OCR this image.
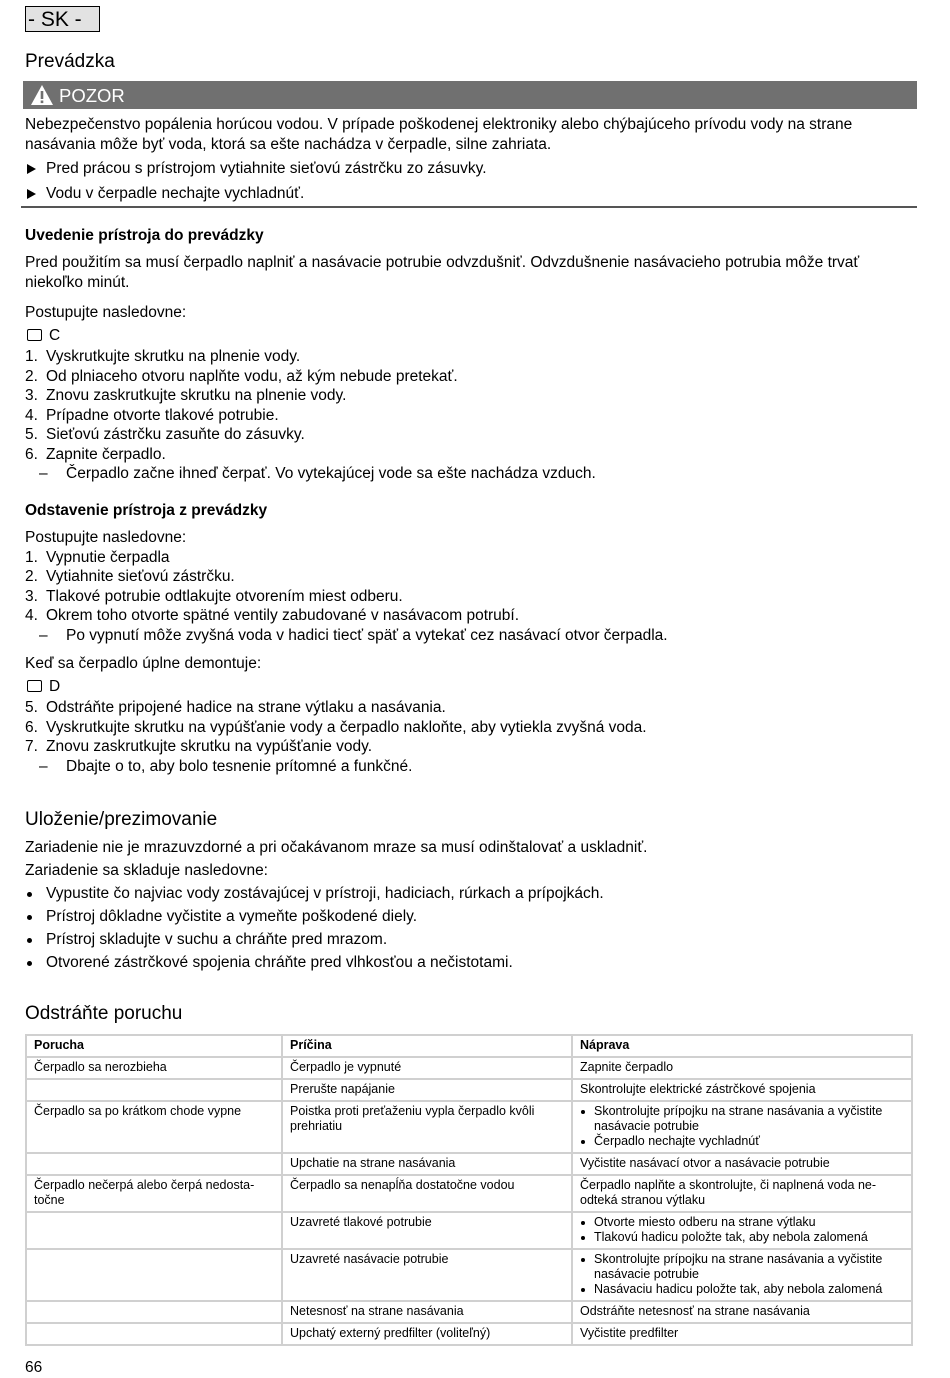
- SK -
Prevádzka
POZOR

Nebezpečenstvo popálenia horúcou vodou. V prípade poškodenej elektroniky alebo chýbajúceho prívodu vody na strane nasávania môže byť voda, ktorá sa ešte nachádza v čerpadle, silne zahriata.

Pred prácou s prístrojom vytiahnite sieťovú zástrčku zo zásuvky.
Vodu v čerpadle nechajte vychladnúť.
Uvedenie prístroja do prevádzky

Pred použitím sa musí čerpadlo naplniť a nasávacie potrubie odvzdušniť. Odvzdušnenie nasávacieho potrubia môže trvať niekoľko minút.

Postupujte nasledovne:

C
1. Vyskrutkujte skrutku na plnenie vody.
2. Od plniaceho otvoru naplňte vodu, až kým nebude pretekať.
3. Znovu zaskrutkujte skrutku na plnenie vody.
4. Prípadne otvorte tlakové potrubie.
5. Sieťovú zástrčku zasuňte do zásuvky.
6. Zapnite čerpadlo.
– Čerpadlo začne ihneď čerpať. Vo vytekajúcej vode sa ešte nachádza vzduch.
Odstavenie prístroja z prevádzky

Postupujte nasledovne:

1. Vypnutie čerpadla
2. Vytiahnite sieťovú zástrčku.
3. Tlakové potrubie odtlakujte otvorením miest odberu.
4. Okrem toho otvorte spätné ventily zabudované v nasávacom potrubí.
– Po vypnutí môže zvyšná voda v hadici tiecť späť a vytekať cez nasávací otvor čerpadla.

Keď sa čerpadlo úplne demontuje:

D
5. Odstráňte pripojené hadice na strane výtlaku a nasávania.
6. Vyskrutkujte skrutku na vypúšťanie vody a čerpadlo nakloňte, aby vytiekla zvyšná voda.
7. Znovu zaskrutkujte skrutku na vypúšťanie vody.
– Dbajte o to, aby bolo tesnenie prítomné a funkčné.
Uloženie/prezimovanie

Zariadenie nie je mrazuvzdorné a pri očakávanom mraze sa musí odinštalovať a uskladniť.

Zariadenie sa skladuje nasledovne:

Vypustite čo najviac vody zostávajúcej v prístroji, hadiciach, rúrkach a prípojkách.
Prístroj dôkladne vyčistite a vymeňte poškodené diely.
Prístroj skladujte v suchu a chráňte pred mrazom.
Otvorené zástrčkové spojenia chráňte pred vlhkosťou a nečistotami.
Odstráňte poruchu
Porucha	Príčina	Náprava
Čerpadlo sa nerozbieha	Čerpadlo je vypnuté	Zapnite čerpadlo
	Prerušte napájanie	Skontrolujte elektrické zástrčkové spojenia
Čerpadlo sa po krátkom chode vypne	Poistka proti preťaženiu vypla čerpadlo kvôli prehriatiu	Skontrolujte prípojku na strane nasávania a vyčistite nasávacie potrubie
Čerpadlo nechajte vychladnúť

	Upchatie na strane nasávania	Vyčistite nasávací otvor a nasávacie potrubie
Čerpadlo nečerpá alebo čerpá nedosta-točne	Čerpadlo sa nenapĺňa dostatočne vodou	Čerpadlo naplňte a skontrolujte, či naplnená voda ne-odteká stranou výtlaku
	Uzavreté tlakové potrubie	Otvorte miesto odberu na strane výtlaku
Tlakovú hadicu položte tak, aby nebola zalomená

	Uzavreté nasávacie potrubie	Skontrolujte prípojku na strane nasávania a vyčistite nasávacie potrubie
Nasávaciu hadicu položte tak, aby nebola zalomená

	Netesnosť na strane nasávania	Odstráňte netesnosť na strane nasávania
	Upchatý externý predfilter (voliteľný)	Vyčistite predfilter
66
